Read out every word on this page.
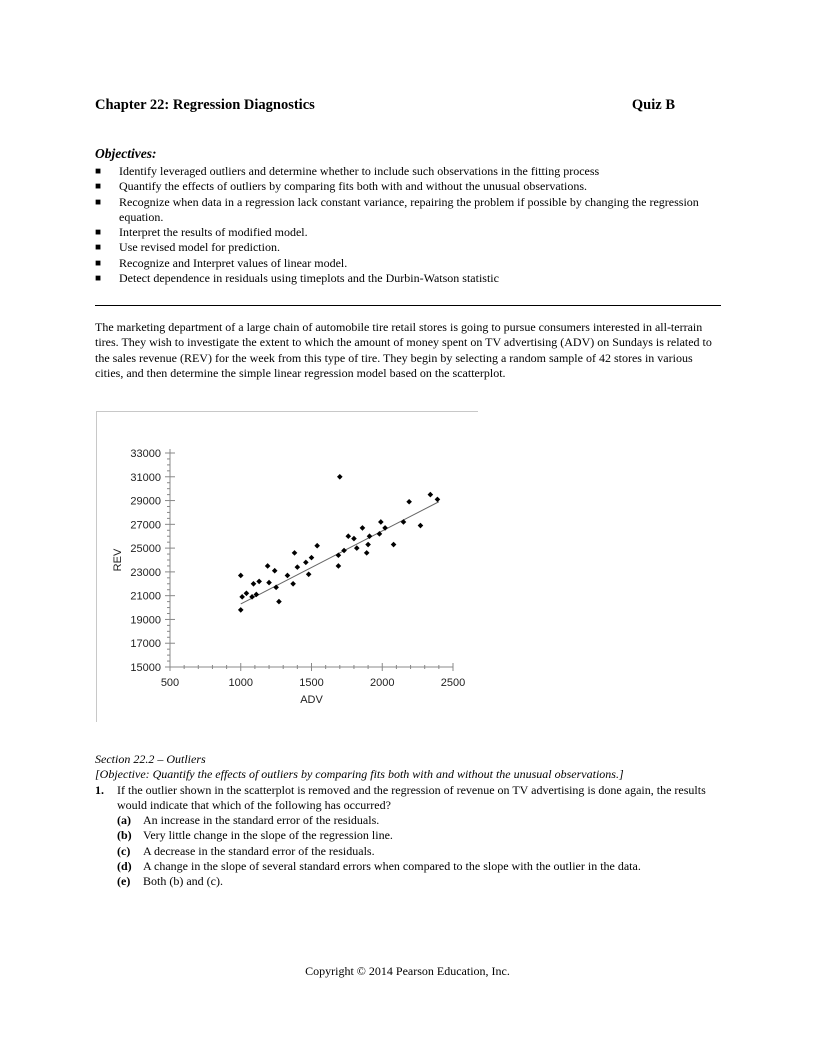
Chapter 22: Regression Diagnostics	Quiz B
Objectives:
■ Identify leveraged outliers and determine whether to include such observations in the fitting process
■ Quantify the effects of outliers by comparing fits both with and without the unusual observations.
■ Recognize when data in a regression lack constant variance, repairing the problem if possible by changing the regression equation.
■ Interpret the results of modified model.
■ Use revised model for prediction.
■ Recognize and Interpret values of linear model.
■ Detect dependence in residuals using timeplots and the Durbin-Watson statistic
The marketing department of a large chain of automobile tire retail stores is going to pursue consumers interested in all-terrain tires. They wish to investigate the extent to which the amount of money spent on TV advertising (ADV) on Sundays is related to the sales revenue (REV) for the week from this type of tire. They begin by selecting a random sample of 42 stores in various cities, and then determine the simple linear regression model based on the scatterplot.
15000
17000
19000
21000
23000
25000
27000
29000
31000
33000
500	1000	1500	2000	2500
ADV
REV
Section 22.2 – Outliers
[Objective: Quantify the effects of outliers by comparing fits both with and without the unusual observations.]
1. If the outlier shown in the scatterplot is removed and the regression of revenue on TV advertising is done again, the results would indicate that which of the following has occurred?
(a) An increase in the standard error of the residuals.
(b) Very little change in the slope of the regression line.
(c) A decrease in the standard error of the residuals.
(d) A change in the slope of several standard errors when compared to the slope with the outlier in the data.
(e) Both (b) and (c).
Copyright © 2014 Pearson Education, Inc.
